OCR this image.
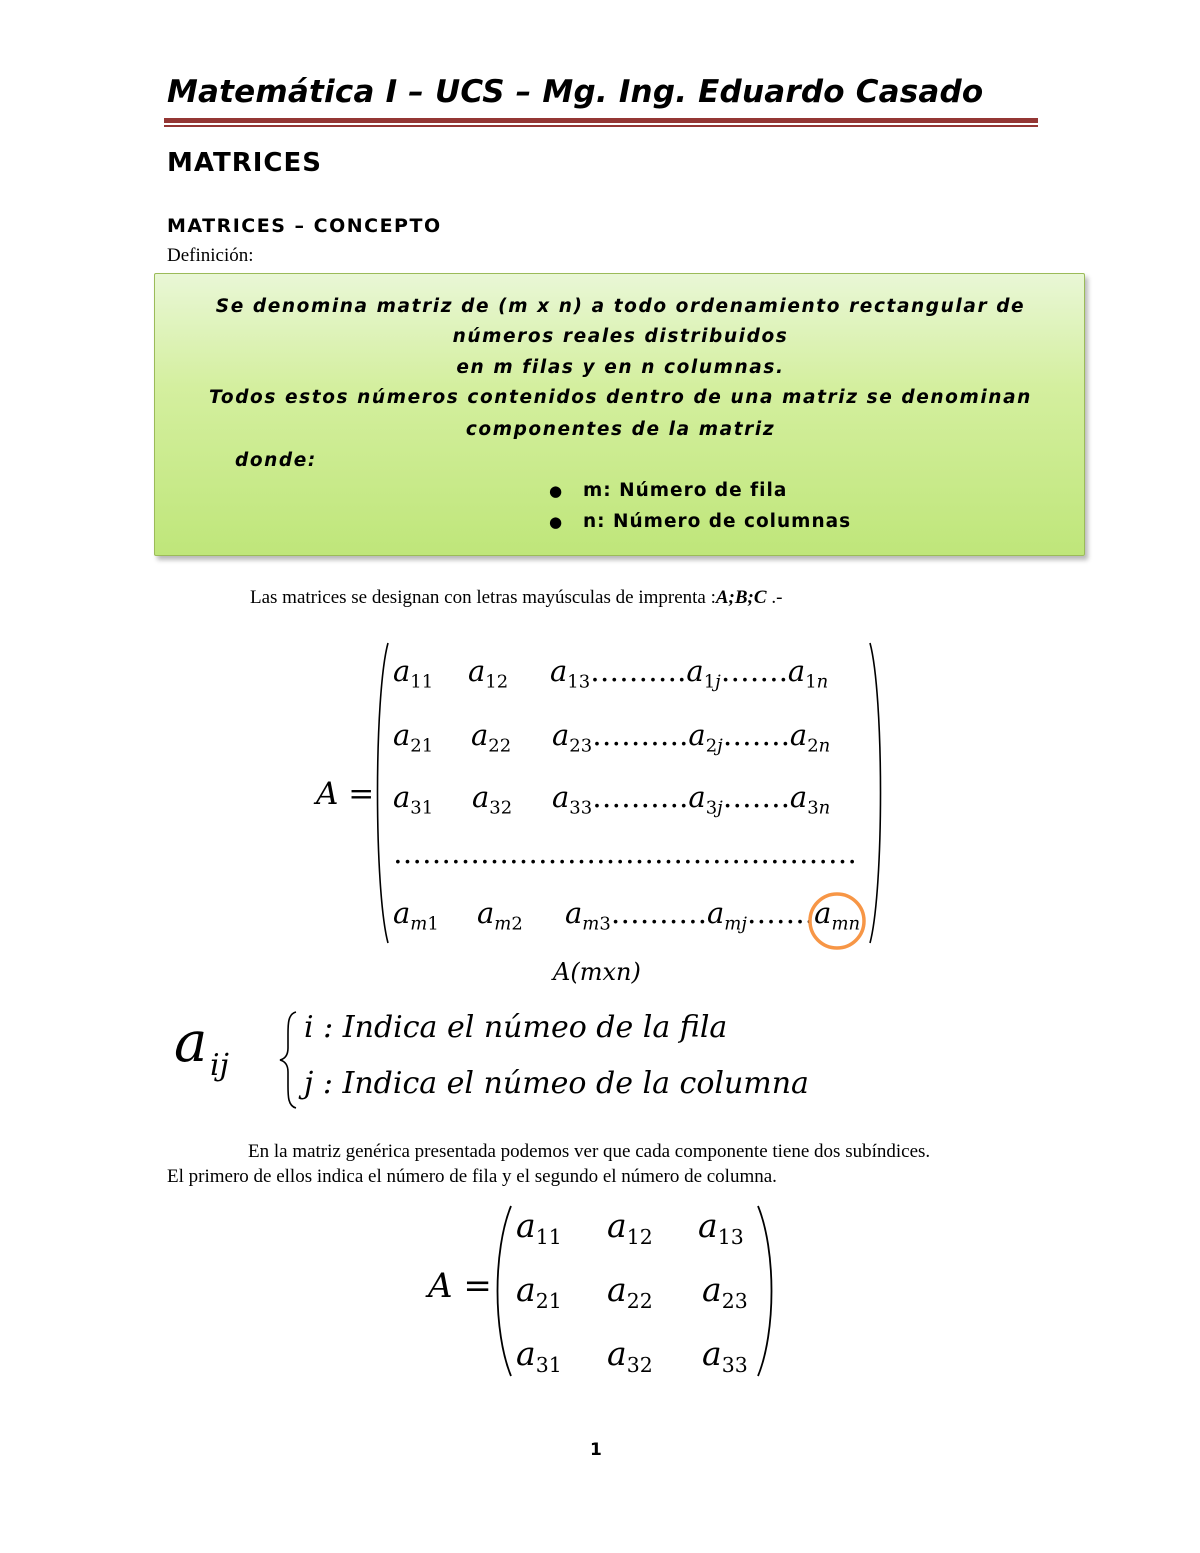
Matemática I – UCS – Mg. Ing. Eduardo Casado
MATRICES
MATRICES – CONCEPTO
Definición:
Se denomina matriz de (m x n) a todo ordenamiento rectangular de
números reales distribuidos
en m filas y en n columnas.
Todos estos números contenidos dentro de una matriz se denominan
componentes de la matriz
donde:
● m: Número de fila
● n: Número de columnas
Las matrices se designan con letras mayúsculas de imprenta :A;B;C .-
A =
$a_{11}$ $a_{12}$ $a_{13}\dots\dots\dots.a_{1j}\dots\dots.a_{1n}$
$a_{21}$ $a_{22}$ $a_{23}\dots\dots\dots.a_{2j}\dots\dots.a_{2n}$
$a_{31}$ $a_{32}$ $a_{33}\dots\dots\dots.a_{3j}\dots\dots.a_{3n}$
…………………………………………
$a_{m1}$ $a_{m2}$ $a_{m3}\dots\dots\dots.a_{mj}\dots\dots.a_{mn}$
A(mxn)
a ij
i : Indica el númeo de la fila
j : Indica el númeo de la columna
En la matriz genérica presentada podemos ver que cada componente tiene dos subíndices.
El primero de ellos indica el número de fila y el segundo el número de columna.
A =
$a_{11}$ $a_{12}$ $a_{13}$
$a_{21}$ $a_{22}$ $a_{23}$
$a_{31}$ $a_{32}$ $a_{33}$
1
